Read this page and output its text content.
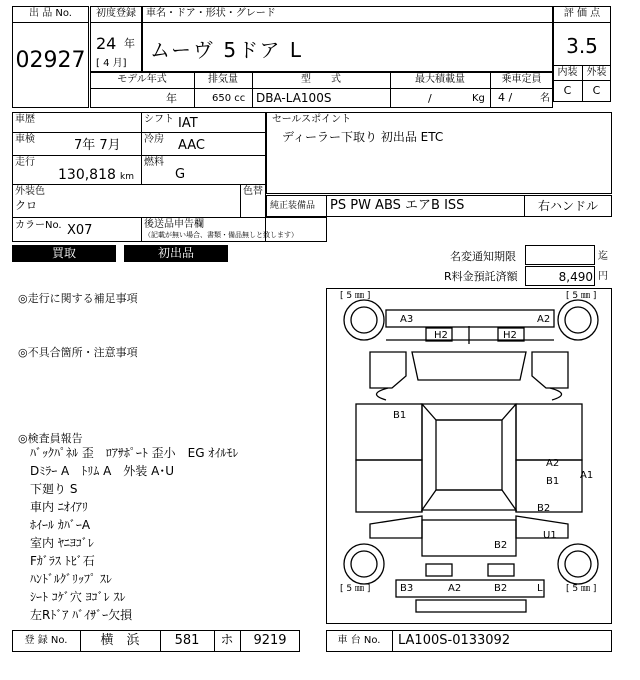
出 品 No.
02927
初度登録
24 年
[ 4 月]
車名・ドア・形状・グレード
ムーヴ 5ドア L
評 価 点
3.5
内装 外装
C	C
モデル年式
年
排気量
650 cc
型　　式
DBA-LA100S
最大積載量
/	Kg
乗車定員
4 /	名
車歴	シフト IAT
車検	7年 7月 冷房 AAC
走行
130,818 km
燃料
G
外装色
クロ
色替
カラーNo. X07	後送品申告欄
（記載が無い場合、書類・備品無しと致します）
セールスポイント
ディーラー下取り 初出品 ETC
純正装備品 PS PW ABS エアB ISS	右ハンドル
買取	初出品	名変通知期限	迄
R料金預託済額	8,490 円
◎走行に関する補足事項
◎不具合箇所・注意事項
◎検査員報告
ﾊﾞｯｸﾊﾟﾈﾙ 歪　ﾛｱｻﾎﾟｰﾄ 歪小　EG ｵｲﾙﾓﾚ
Dﾐﾗｰ A　ﾄﾘﾑ A　外装 A･U
下廻り S
車内 ﾆｵｲｱﾘ
ﾎｲｰﾙ ｶﾊﾞｰA
室内 ﾔﾆﾖｺﾞﾚ
Fｶﾞﾗｽ ﾄﾋﾞ石
ﾊﾝﾄﾞﾙｸﾞﾘｯﾌﾟ ｽﾚ
ｼｰﾄ ｺｹﾞ穴 ﾖｺﾞﾚ ｽﾚ
左Rﾄﾞｱ ﾊﾞｲｻﾞｰ欠損
[ 5 ㎜ ]	[ 5 ㎜ ]
[ 5 ㎜ ]	[ 5 ㎜ ]
A3	A2
H2	H2
B1
A2
B1
A1
B2
U1
B2
B3	A2	B2	L
登 録 No.	横　浜	581	ホ	9219	車 台 No.	LA100S-0133092
